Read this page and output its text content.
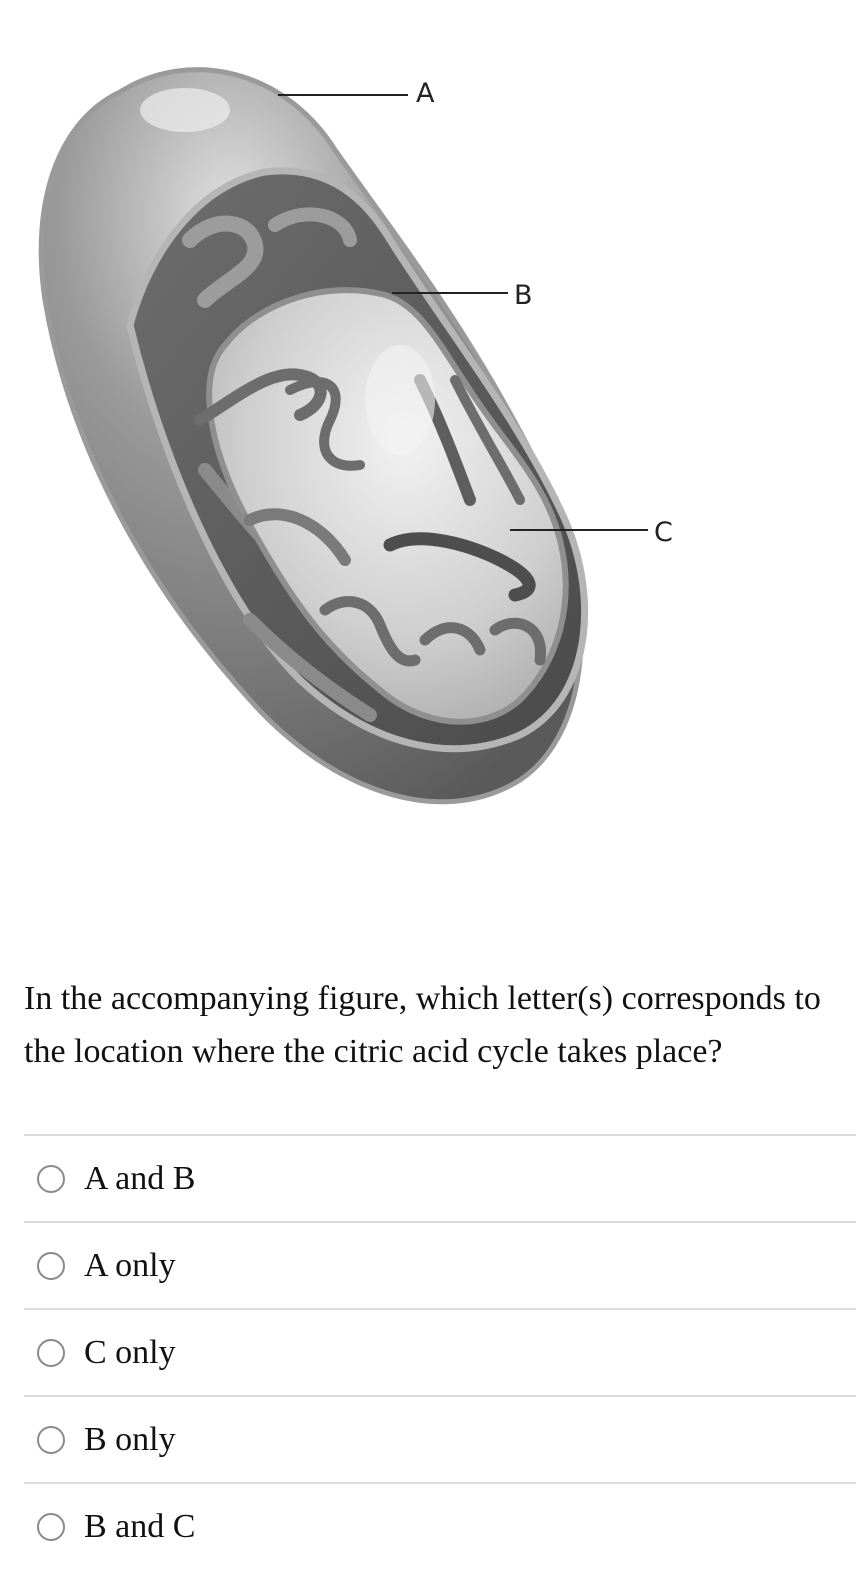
A
B
C

In the accompanying figure, which letter(s) corresponds to the location where the citric acid cycle takes place?

A and B
A only
C only
B only
B and C
